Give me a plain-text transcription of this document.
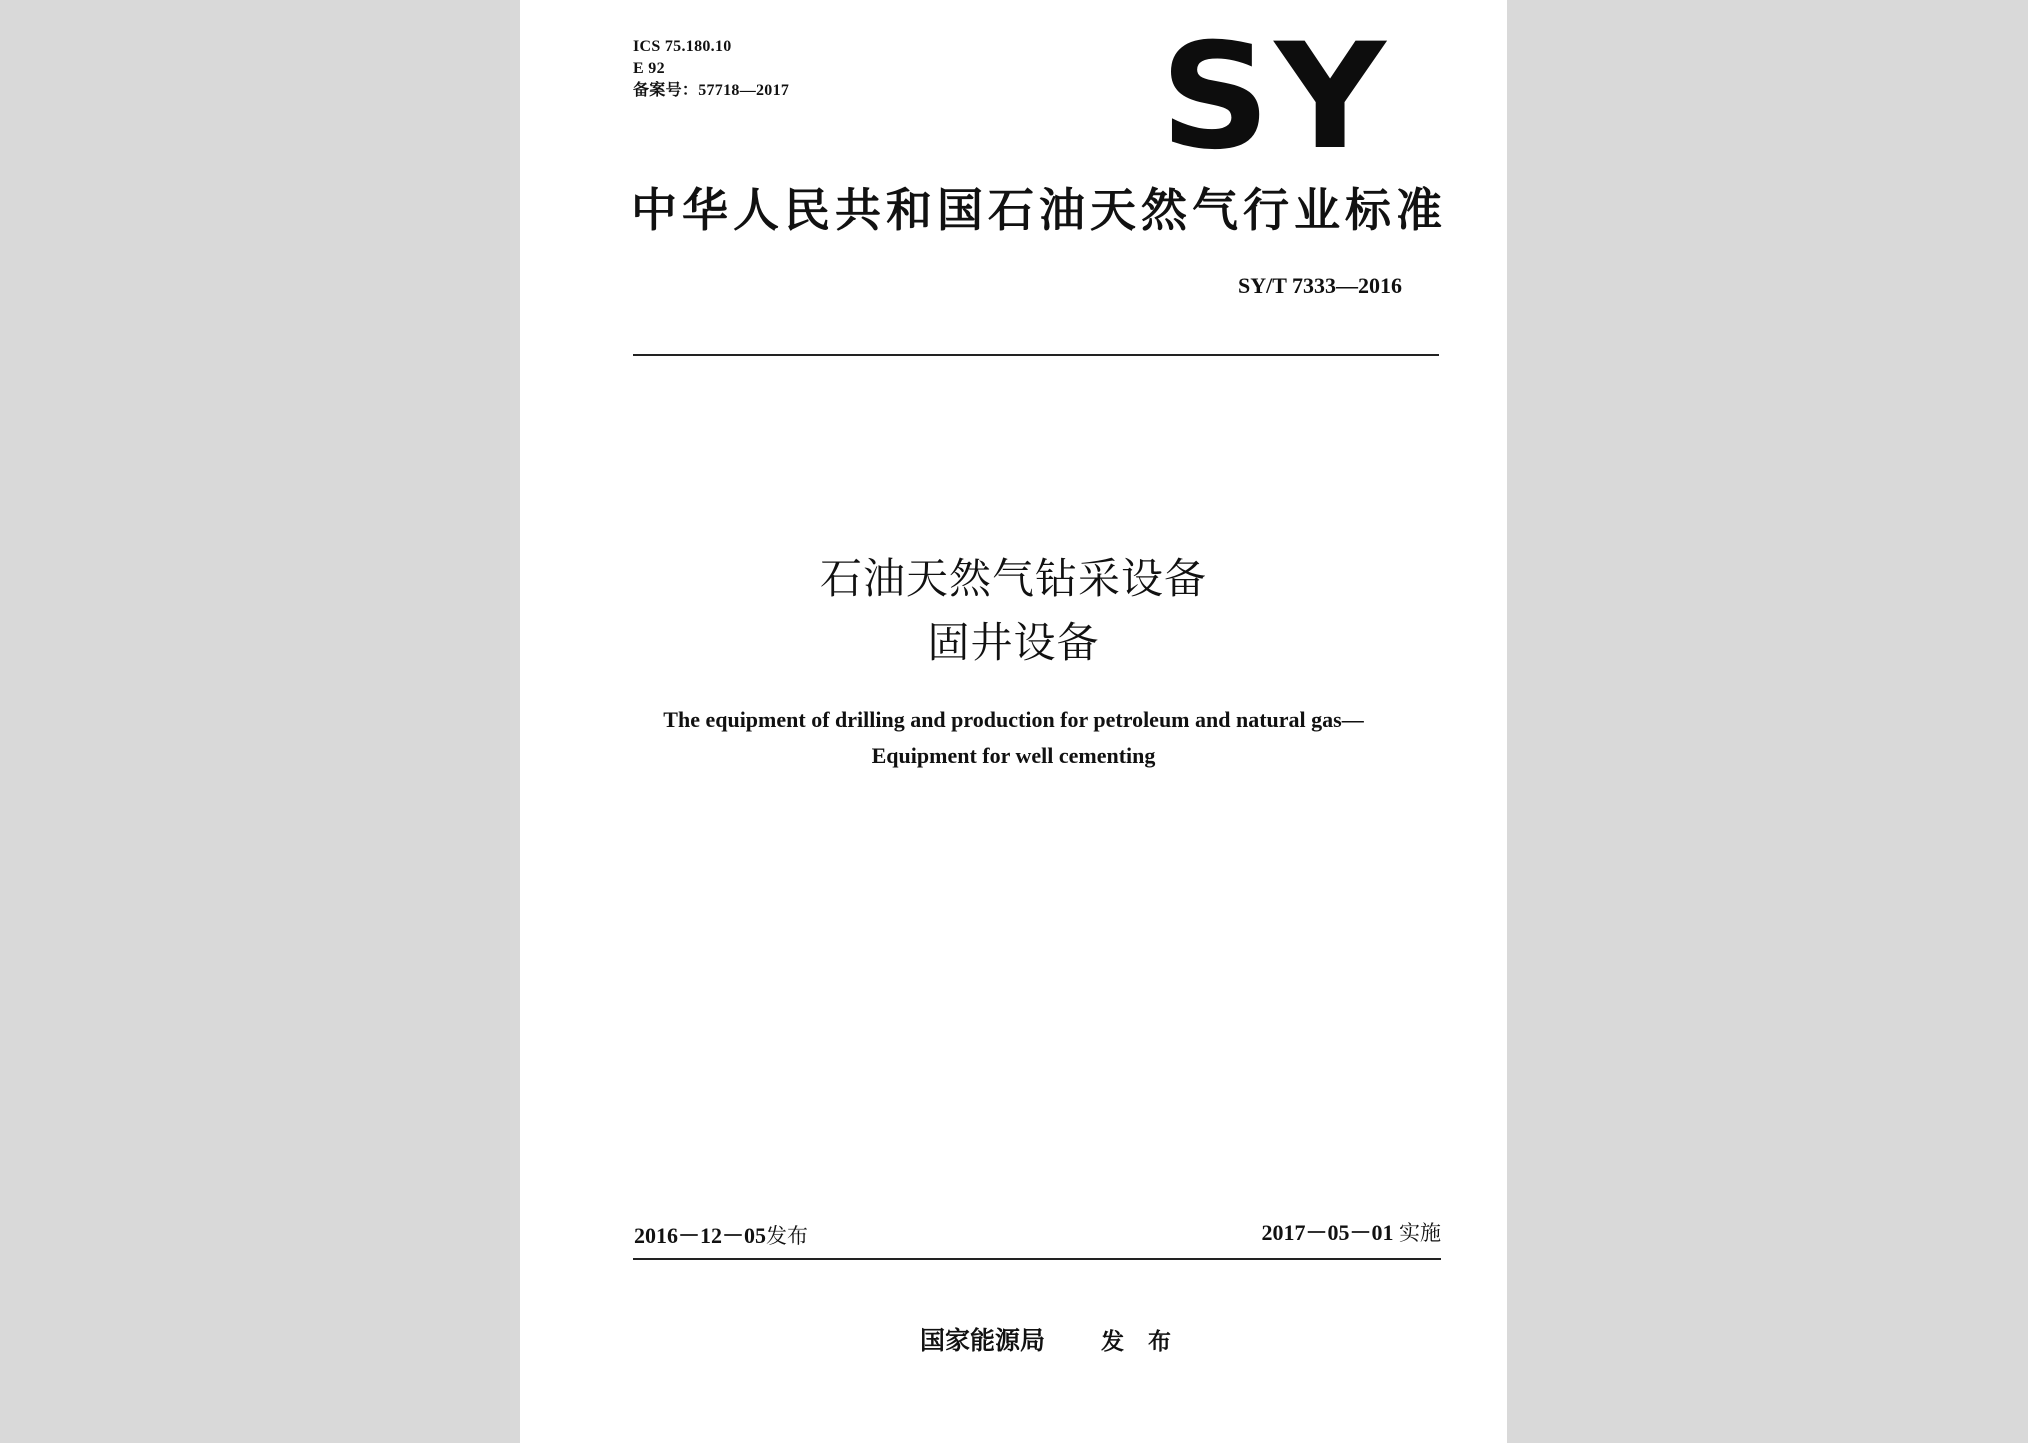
ICS 75.180.10
E 92
备案号：57718—2017	SY
中华人民共和国石油天然气行业标准
SY/T 7333—2016
石油天然气钻采设备
固井设备
The equipment of drilling and production for petroleum and natural gas—
Equipment for well cementing
2016－12－05发布	2017－05－01 实施
国家能源局 发 布
